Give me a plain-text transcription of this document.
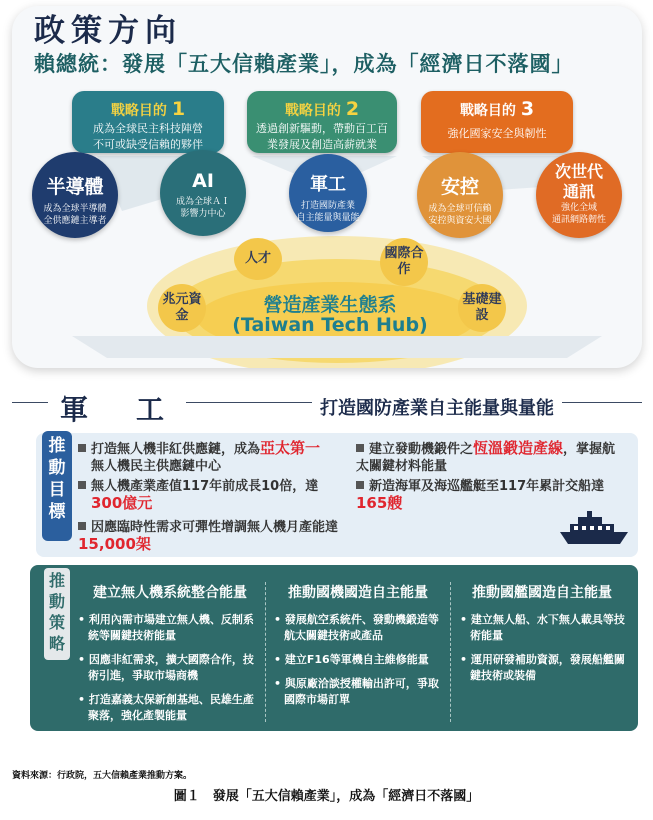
政策方向
賴總統：發展「五大信賴產業」，成為「經濟日不落國」
戰略目的 1
成為全球民主科技陣營
不可或缺受信賴的夥伴
戰略目的 2
透過創新驅動，帶動百工百
業發展及創造高薪就業
戰略目的 3
強化國家安全與韌性
半導體
成為全球半導體
全供應鏈主導者
AI
成為全球ＡＩ
影響力中心
軍工
打造國防產業
自主能量與量能
安控
成為全球可信賴
安控與資安大國
次世代
通訊
強化全域
通訊網路韌性
兆元資金
人才	國際合作
基礎建設
營造產業生態系
(Taiwan Tech Hub)
軍　工	打造國防產業自主能量與量能
推
動
目
標
打造無人機非紅供應鏈，成為亞太第一
無人機民主供應鏈中心
無人機產業產值117年前成長10倍，達
300億元
因應臨時性需求可彈性增調無人機月產能達15,000架
建立發動機鍛件之恆溫鍛造產線，掌握航太關鍵材料能量
新造海軍及海巡艦艇至117年累計交船達165艘
推
動
策
略
建立無人機系統整合能量
• 利用內需市場建立無人機、反制系統等關鍵技術能量
• 因應非紅需求，擴大國際合作，技術引進，爭取市場商機
• 打造嘉義太保新創基地、民雄生產聚落，強化產製能量
推動國機國造自主能量
• 發展航空系統件、發動機鍛造等航太關鍵技術或產品
• 建立F16等軍機自主維修能量
• 與原廠洽談授權輸出許可，爭取國際市場訂單
推動國艦國造自主能量
• 建立無人船、水下無人載具等技術能量
• 運用研發補助資源，發展船艦關鍵技術或裝備
資料來源：行政院，五大信賴產業推動方案。
圖１　發展「五大信賴產業」，成為「經濟日不落國」
